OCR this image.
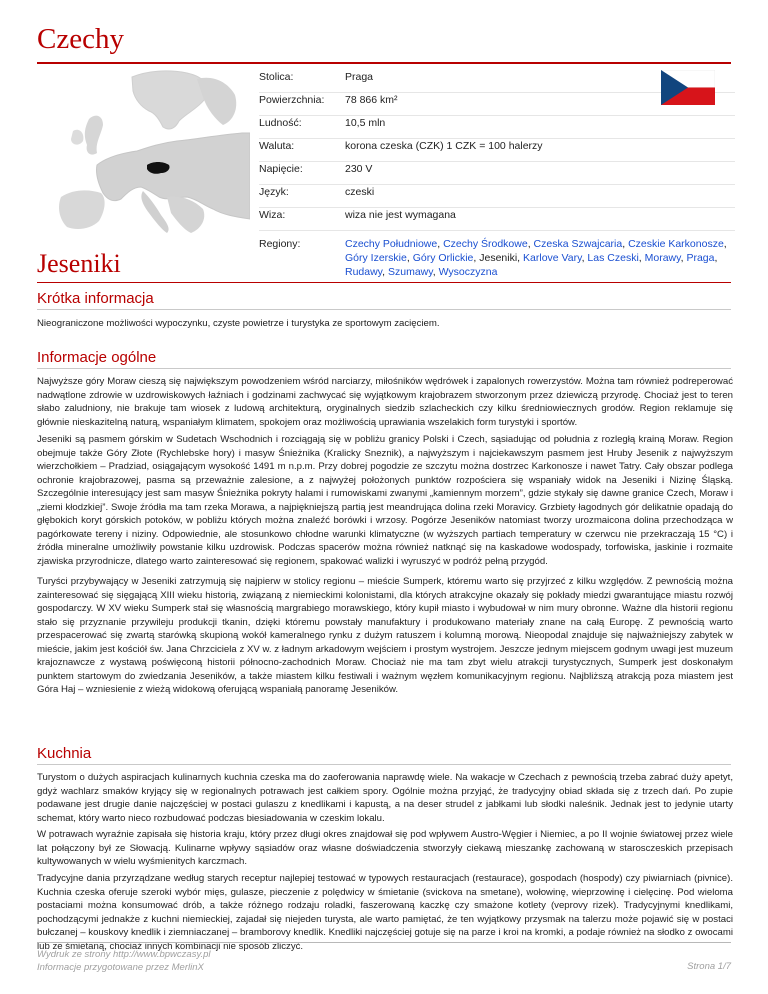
Czechy
Stolica:	Praga
Powierzchnia:	78 866 km²
Ludność:	10,5 mln
Waluta:	korona czeska (CZK) 1 CZK = 100 halerzy
Napięcie:	230 V
Język:	czeski
Wiza:	wiza nie jest wymagana
Regiony:	Czechy Południowe, Czechy Środkowe, Czeska Szwajcaria, Czeskie Karkonosze, Góry Izerskie, Góry Orlickie, Jeseniki, Karlove Vary, Las Czeski, Morawy, Praga, Rudawy, Szumawy, Wysoczyzna
Jeseniki
Krótka informacja

Nieograniczone możliwości wypoczynku, czyste powietrze i turystyka ze sportowym zacięciem.

Informacje ogólne

Najwyższe góry Moraw cieszą się największym powodzeniem wśród narciarzy, miłośników wędrówek i zapalonych rowerzystów. Można tam również podreperować nadwątlone zdrowie w uzdrowiskowych łaźniach i godzinami zachwycać się wyjątkowym krajobrazem stworzonym przez dziewiczą przyrodę. Chociaż jest to teren słabo zaludniony, nie brakuje tam wiosek z ludową architekturą, oryginalnych siedzib szlacheckich czy kilku średniowiecznych grodów. Region reklamuje się głównie nieskazitelną naturą, wspaniałym klimatem, spokojem oraz możliwością uprawiania wszelakich form turystyki i sportów.

Jeseniki są pasmem górskim w Sudetach Wschodnich i rozciągają się w pobliżu granicy Polski i Czech, sąsiadując od południa z rozległą krainą Moraw. Region obejmuje także Góry Złote (Rychlebske hory) i masyw Śnieżnika (Kralicky Sneznik), a najwyższym i najciekawszym pasmem jest Hruby Jesenik z najwyższym wierzchołkiem – Pradziad, osiągającym wysokość 1491 m n.p.m. Przy dobrej pogodzie ze szczytu można dostrzec Karkonosze i nawet Tatry. Cały obszar podlega ochronie krajobrazowej, pasma są przeważnie zalesione, a z najwyżej położonych punktów rozpościera się wspaniały widok na Jeseniki i Nizinę Śląską. Szczególnie interesujący jest sam masyw Śnieżnika pokryty halami i rumowiskami zwanymi „kamiennym morzem”, gdzie stykały się dawne granice Czech, Moraw i „ziemi kłodzkiej”. Swoje źródła ma tam rzeka Morawa, a najpiękniejszą partią jest meandrująca dolina rzeki Moravicy. Grzbiety łagodnych gór delikatnie opadają do głębokich koryt górskich potoków, w pobliżu których można znaleźć borówki i wrzosy. Pogórze Jeseników natomiast tworzy urozmaicona dolina przechodząca w pagórkowate tereny i niziny. Odpowiednie, ale stosunkowo chłodne warunki klimatyczne (w wyższych partiach temperatury w czerwcu nie przekraczają 15 °C) i źródła mineralne umożliwiły powstanie kilku uzdrowisk. Podczas spacerów można również natknąć się na kaskadowe wodospady, torfowiska, jaskinie i rozmaite zjawiska przyrodnicze, dlatego warto zainteresować się regionem, spakować walizki i wyruszyć w podróż pełną przygód.

Turyści przybywający w Jeseniki zatrzymują się najpierw w stolicy regionu – mieście Sumperk, któremu warto się przyjrzeć z kilku względów. Z pewnością można zainteresować się sięgającą XIII wieku historią, związaną z niemieckimi kolonistami, dla których atrakcyjne okazały się pokłady miedzi gwarantujące miastu rozwój gospodarczy. W XV wieku Sumperk stał się własnością margrabiego morawskiego, który kupił miasto i wybudował w nim mury obronne. Ważne dla historii regionu stało się przyznanie przywileju produkcji tkanin, dzięki któremu powstały manufaktury i produkowano materiały znane na całą Europę. Z pewnością warto przespacerować się zwartą starówką skupioną wokół kameralnego rynku z dużym ratuszem i kolumną morową. Nieopodal znajduje się najważniejszy zabytek w mieście, jakim jest kościół św. Jana Chrzciciela z XV w. z ładnym arkadowym wejściem i prostym wystrojem. Jeszcze jednym miejscem godnym uwagi jest muzeum krajoznawcze z wystawą poświęconą historii północno-zachodnich Moraw. Chociaż nie ma tam zbyt wielu atrakcji turystycznych, Sumperk jest doskonałym punktem startowym do zwiedzania Jeseników, a także miastem kilku festiwali i ważnym węzłem komunikacyjnym regionu. Najbliższą atrakcją poza miastem jest Góra Haj – wzniesienie z wieżą widokową oferującą wspaniałą panoramę Jeseników.

Kuchnia

Turystom o dużych aspiracjach kulinarnych kuchnia czeska ma do zaoferowania naprawdę wiele. Na wakacje w Czechach z pewnością trzeba zabrać duży apetyt, gdyż wachlarz smaków kryjący się w regionalnych potrawach jest całkiem spory. Ogólnie można przyjąć, że tradycyjny obiad składa się z trzech dań. Po zupie podawane jest drugie danie najczęściej w postaci gulaszu z knedlikami i kapustą, a na deser strudel z jabłkami lub słodki naleśnik. Jednak jest to jedynie utarty schemat, który warto nieco rozbudować podczas biesiadowania w czeskim lokalu.

W potrawach wyraźnie zapisała się historia kraju, który przez długi okres znajdował się pod wpływem Austro-Węgier i Niemiec, a po II wojnie światowej przez wiele lat połączony był ze Słowacją. Kulinarne wpływy sąsiadów oraz własne doświadczenia stworzyły ciekawą mieszankę zachowaną w starosczeskich przepisach kultywowanych w wielu wyśmienitych karczmach.

Tradycyjne dania przyrządzane według starych receptur najlepiej testować w typowych restauracjach (restaurace), gospodach (hospody) czy piwiarniach (pivnice). Kuchnia czeska oferuje szeroki wybór mięs, gulasze, pieczenie z polędwicy w śmietanie (svickova na smetane), wołowinę, wieprzowinę i cielęcinę. Pod wieloma postaciami można konsumować drób, a także różnego rodzaju roladki, faszerowaną kaczkę czy smażone kotlety (veprovy rizek). Tradycyjnymi knedlikami, pochodzącymi jednakże z kuchni niemieckiej, zajadał się niejeden turysta, ale warto pamiętać, że ten wyjątkowy przysmak na talerzu może pojawić się w postaci bułczanej – kouskovy knedlik i ziemniaczanej – bramborovy knedlik. Knedliki najczęściej gotuje się na parze i kroi na kromki, a podaje również na słodko z owocami lub ze śmietaną, chociaż innych kombinacji nie sposób zliczyć.

Wydruk ze strony http://www.bpwczasy.pl
Informacje przygotowane przez MerlinX	Strona 1/7
